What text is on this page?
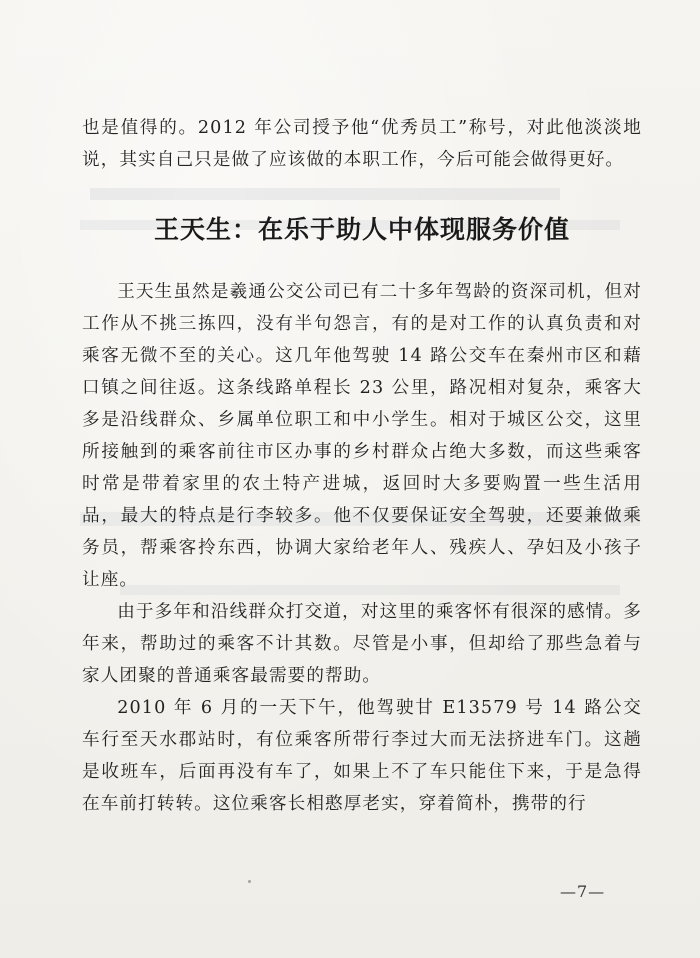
也是值得的。2012 年公司授予他“优秀员工”称号，对此他淡淡地说，其实自己只是做了应该做的本职工作，今后可能会做得更好。

王天生：在乐于助人中体现服务价值

王天生虽然是羲通公交公司已有二十多年驾龄的资深司机，但对工作从不挑三拣四，没有半句怨言，有的是对工作的认真负责和对乘客无微不至的关心。这几年他驾驶 14 路公交车在秦州市区和藉口镇之间往返。这条线路单程长 23 公里，路况相对复杂，乘客大多是沿线群众、乡属单位职工和中小学生。相对于城区公交，这里所接触到的乘客前往市区办事的乡村群众占绝大多数，而这些乘客时常是带着家里的农土特产进城，返回时大多要购置一些生活用品，最大的特点是行李较多。他不仅要保证安全驾驶，还要兼做乘务员，帮乘客拎东西，协调大家给老年人、残疾人、孕妇及小孩子让座。

由于多年和沿线群众打交道，对这里的乘客怀有很深的感情。多年来，帮助过的乘客不计其数。尽管是小事，但却给了那些急着与家人团聚的普通乘客最需要的帮助。

2010 年 6 月的一天下午，他驾驶甘 E13579 号 14 路公交车行至天水郡站时，有位乘客所带行李过大而无法挤进车门。这趟是收班车，后面再没有车了，如果上不了车只能住下来，于是急得在车前打转转。这位乘客长相憨厚老实，穿着简朴，携带的行

—7—
